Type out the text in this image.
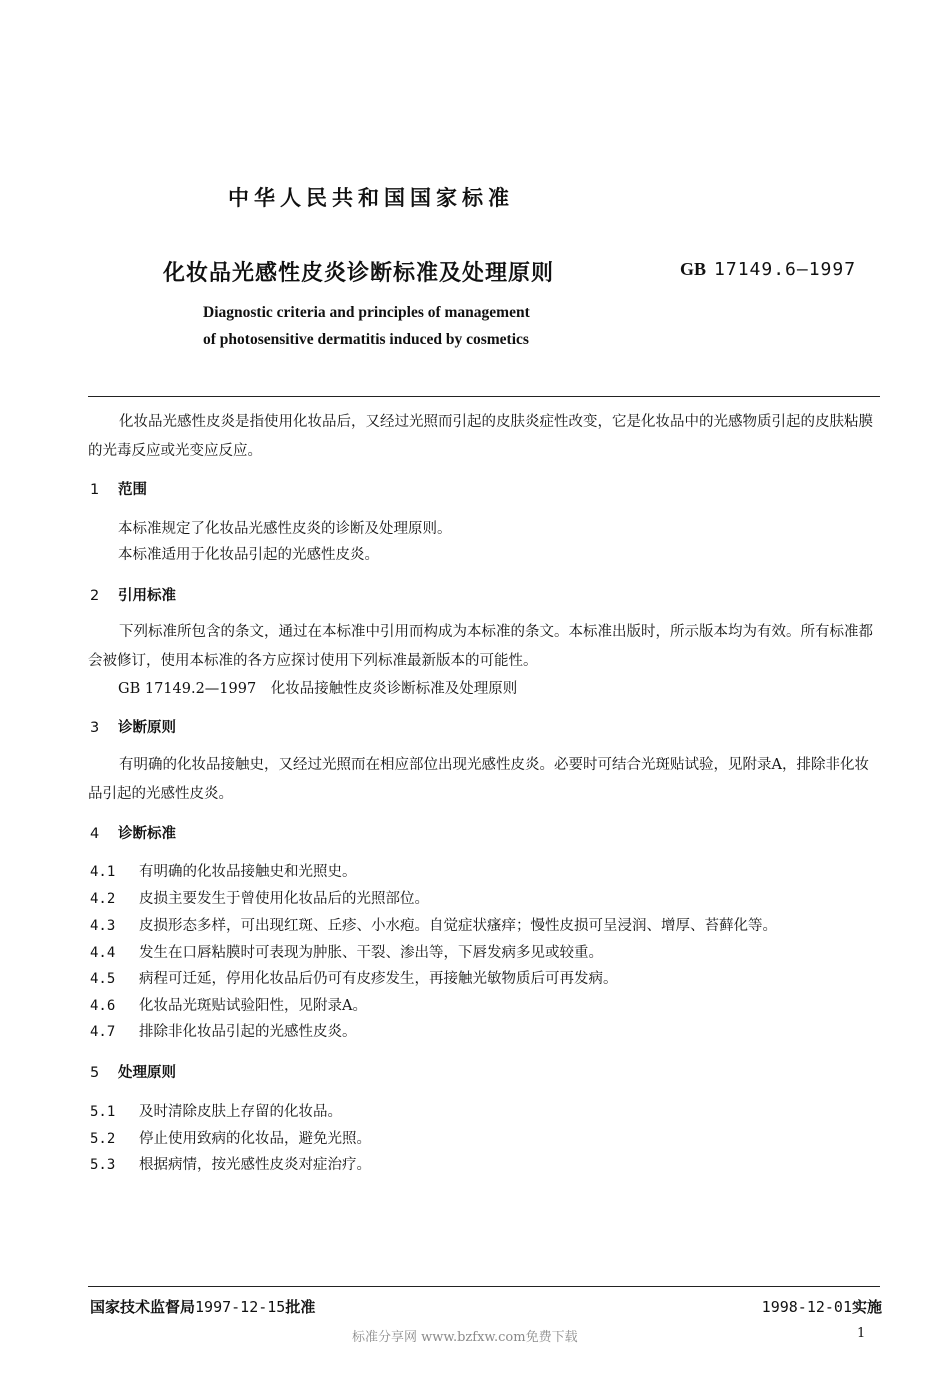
中华人民共和国国家标准
化妆品光感性皮炎诊断标准及处理原则	GB 17149.6—1997
Diagnostic criteria and principles of management
of photosensitive dermatitis induced by cosmetics
化妆品光感性皮炎是指使用化妆品后，又经过光照而引起的皮肤炎症性改变，它是化妆品中的光感物质引起的皮肤粘膜的光毒反应或光变应反应。
1 范围
本标准规定了化妆品光感性皮炎的诊断及处理原则。
本标准适用于化妆品引起的光感性皮炎。
2 引用标准
下列标准所包含的条文，通过在本标准中引用而构成为本标准的条文。本标准出版时，所示版本均为有效。所有标准都会被修订，使用本标准的各方应探讨使用下列标准最新版本的可能性。
GB 17149.2—1997　化妆品接触性皮炎诊断标准及处理原则
3 诊断原则
有明确的化妆品接触史，又经过光照而在相应部位出现光感性皮炎。必要时可结合光斑贴试验，见附录A，排除非化妆品引起的光感性皮炎。
4 诊断标准
4.1 有明确的化妆品接触史和光照史。
4.2 皮损主要发生于曾使用化妆品后的光照部位。
4.3 皮损形态多样，可出现红斑、丘疹、小水疱。自觉症状瘙痒；慢性皮损可呈浸润、增厚、苔藓化等。
4.4 发生在口唇粘膜时可表现为肿胀、干裂、渗出等，下唇发病多见或较重。
4.5 病程可迁延，停用化妆品后仍可有皮疹发生，再接触光敏物质后可再发病。
4.6 化妆品光斑贴试验阳性，见附录A。
4.7 排除非化妆品引起的光感性皮炎。
5 处理原则
5.1 及时清除皮肤上存留的化妆品。
5.2 停止使用致病的化妆品，避免光照。
5.3 根据病情，按光感性皮炎对症治疗。
国家技术监督局1997-12-15批准	1998-12-01实施
标准分享网 www.bzfxw.com免费下载	1
